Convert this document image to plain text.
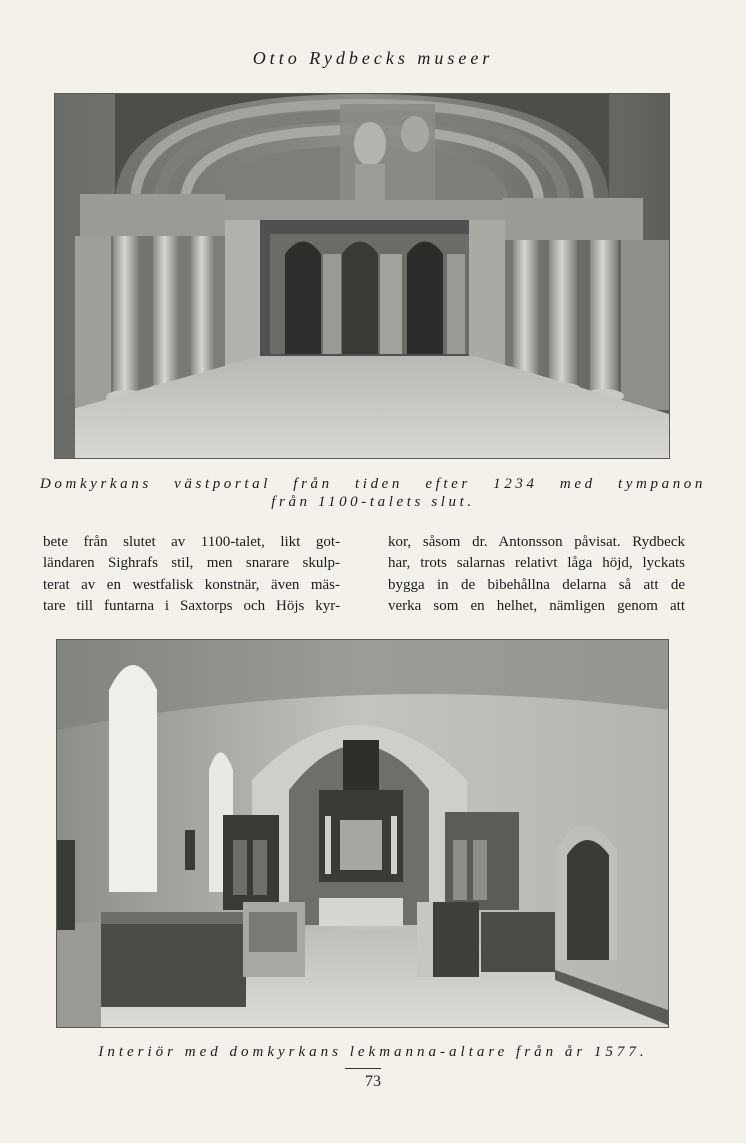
Otto Rydbecks museer
Domkyrkans västportal från tiden efter 1234 med tympanon
från 1100-talets slut.
bete från slutet av 1100-talet, likt got-
ländaren Sighrafs stil, men snarare skulp-
terat av en westfalisk konstnär, även mäs-
tare till funtarna i Saxtorps och Höjs kyr-
kor, såsom dr. Antonsson påvisat. Rydbeck
har, trots salarnas relativt låga höjd, lyckats
bygga in de bibehållna delarna så att de
verka som en helhet, nämligen genom att
Interiör med domkyrkans lekmanna-altare från år 1577.
73
